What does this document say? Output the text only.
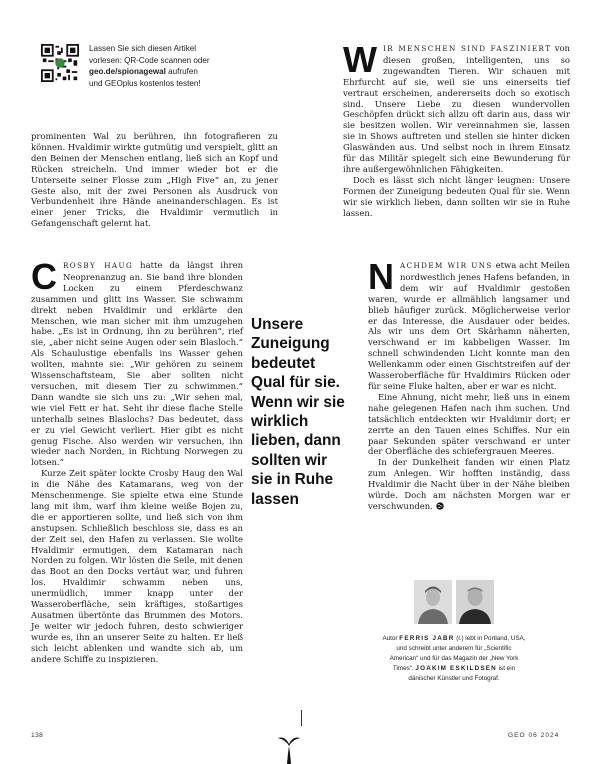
Lassen Sie sich diesen Artikel
vorlesen: QR-Code scannen oder
geo.de/spionagewal aufrufen
und GEOplus kostenlos testen!

prominenten Wal zu berühren, ihn fotografieren zu können. Hvaldimir wirkte gutmütig und verspielt, glitt an den Beinen der Menschen entlang, ließ sich an Kopf und Rücken streicheln. Und immer wieder bot er die Unterseite seiner Flosse zum „High Five“ an, zu jener Geste also, mit der zwei Personen als Ausdruck von Verbundenheit ihre Hände aneinanderschlagen. Es ist einer jener Tricks, die Hvaldimir vermutlich in Gefangenschaft gelernt hat.

CROSBY HAUG hatte da längst ihren Neoprenanzug an. Sie band ihre blonden Locken zu einem Pferdeschwanz zusammen und glitt ins Wasser. Sie schwamm direkt neben Hvaldimir und erklärte den Menschen, wie man sicher mit ihm umzugehen habe. „Es ist in Ordnung, ihn zu berühren“, rief sie, „aber nicht seine Augen oder sein Blasloch.“ Als Schaulustige ebenfalls ins Wasser gehen wollten, mahnte sie: „Wir gehören zu seinem Wissenschaftsteam, Sie aber sollten nicht versuchen, mit diesem Tier zu schwimmen.“ Dann wandte sie sich uns zu: „Wir sehen mal, wie viel Fett er hat. Seht ihr diese flache Stelle unterhalb seines Blaslochs? Das bedeutet, dass er zu viel Gewicht verliert. Hier gibt es nicht genug Fische. Also werden wir versuchen, ihn wieder nach Norden, in Richtung Norwegen zu lotsen.“

Kurze Zeit später lockte Crosby Haug den Wal in die Nähe des Katamarans, weg von der Menschenmenge. Sie spielte etwa eine Stunde lang mit ihm, warf ihm kleine weiße Bojen zu, die er apportieren sollte, und ließ sich von ihm anstupsen. Schließlich beschloss sie, dass es an der Zeit sei, den Hafen zu verlassen. Sie wollte Hvaldimir ermutigen, dem Katamaran nach Norden zu folgen. Wir lösten die Seile, mit denen das Boot an den Docks vertäut war, und fuhren los. Hvaldimir schwamm neben uns, unermüdlich, immer knapp unter der Wasseroberfläche, sein kräftiges, stoßartiges Ausatmen übertönte das Brummen des Motors. Je weiter wir jedoch fuhren, desto schwieriger wurde es, ihn an unserer Seite zu halten. Er ließ sich leicht ablenken und wandte sich ab, um andere Schiffe zu inspizieren.

Unsere Zuneigung bedeutet Qual für sie. Wenn wir sie wirklich lieben, dann sollten wir sie in Ruhe lassen

WIR MENSCHEN SIND FASZINIERT von diesen großen, intelligenten, uns so zugewandten Tieren. Wir schauen mit Ehrfurcht auf sie, weil sie uns einerseits tief vertraut erscheinen, andererseits doch so exotisch sind. Unsere Liebe zu diesen wundervollen Geschöpfen drückt sich allzu oft darin aus, dass wir sie besitzen wollen. Wir vereinnahmen sie, lassen sie in Shows auftreten und stellen sie hinter dicken Glaswänden aus. Und selbst noch in ihrem Einsatz für das Militär spiegelt sich eine Bewunderung für ihre außergewöhnlichen Fähigkeiten.

Doch es lässt sich nicht länger leugnen: Unsere Formen der Zuneigung bedeuten Qual für sie. Wenn wir sie wirklich lieben, dann sollten wir sie in Ruhe lassen.

NACHDEM WIR UNS etwa acht Meilen nordwestlich jenes Hafens befanden, in dem wir auf Hvaldimir gestoßen waren, wurde er allmählich langsamer und blieb häufiger zurück. Möglicherweise verlor er das Interesse, die Ausdauer oder beides. Als wir uns dem Ort Skärhamn näherten, verschwand er im kabbeligen Wasser. Im schnell schwindenden Licht konnte man den Wellenkamm oder einen Gischtstreifen auf der Wasseroberfläche für Hvaldimirs Rücken oder für seine Fluke halten, aber er war es nicht.

Eine Ahnung, nicht mehr, ließ uns in einem nahe gelegenen Hafen nach ihm suchen. Und tatsächlich entdeckten wir Hvaldimir dort; er zerrte an den Tauen eines Schiffes. Nur ein paar Sekunden später verschwand er unter der Oberfläche des schiefergrauen Meeres.

In der Dunkelheit fanden wir einen Platz zum Anlegen. Wir hofften inständig, dass Hvaldimir die Nacht über in der Nähe bleiben würde. Doch am nächsten Morgen war er verschwunden.

Autor FERRIS JABR (l.) lebt in Portland, USA, und schreibt unter anderem für „Scientific American“ und für das Magazin der „New York Times“. JOAKIM ESKILDSEN ist ein dänischer Künstler und Fotograf.
138	GEO 06 2024
